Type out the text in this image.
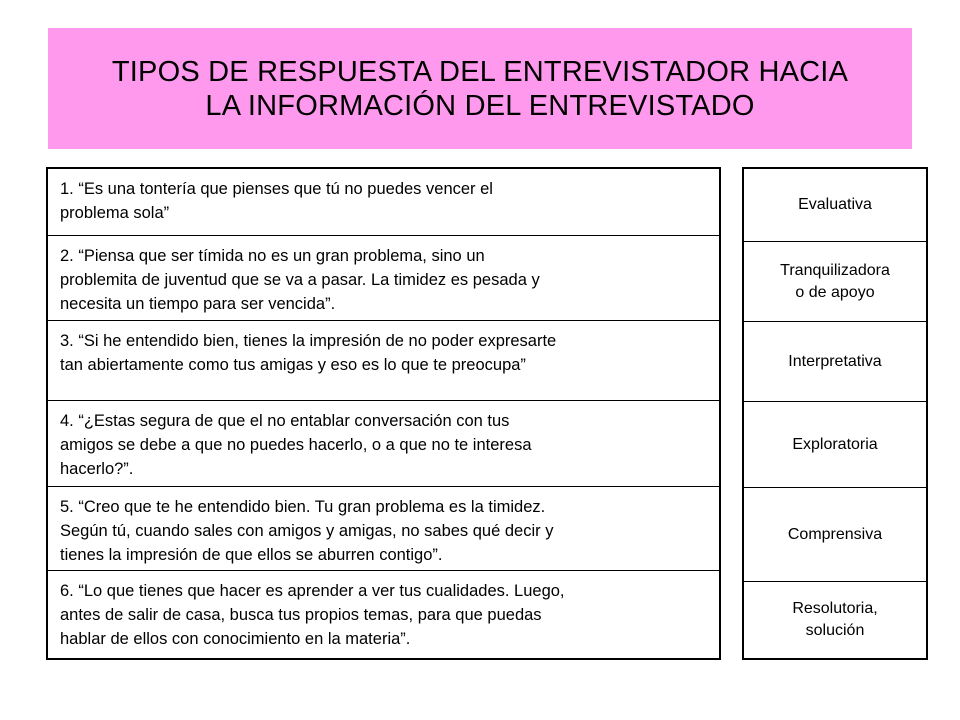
TIPOS DE RESPUESTA DEL ENTREVISTADOR HACIA
LA INFORMACIÓN DEL ENTREVISTADO
1. “Es una tontería que pienses que tú no puedes vencer el
problema sola”
2. “Piensa que ser tímida no es un gran problema, sino un
problemita de juventud que se va a pasar. La timidez es pesada y
necesita un tiempo para ser vencida”.
3. “Si he entendido bien, tienes la impresión de no poder expresarte
tan abiertamente como tus amigas y eso es lo que te preocupa”
4. “¿Estas segura de que el no entablar conversación con tus
amigos se debe a que no puedes hacerlo, o a que no te interesa
hacerlo?”.
5. “Creo que te he entendido bien. Tu gran problema es la timidez.
Según tú, cuando sales con amigos y amigas, no sabes qué decir y
tienes la impresión de que ellos se aburren contigo”.
6. “Lo que tienes que hacer es aprender a ver tus cualidades. Luego,
antes de salir de casa, busca tus propios temas, para que puedas
hablar de ellos con conocimiento en la materia”.
Evaluativa
Tranquilizadora
o de apoyo
Interpretativa
Exploratoria
Comprensiva
Resolutoria,
solución
